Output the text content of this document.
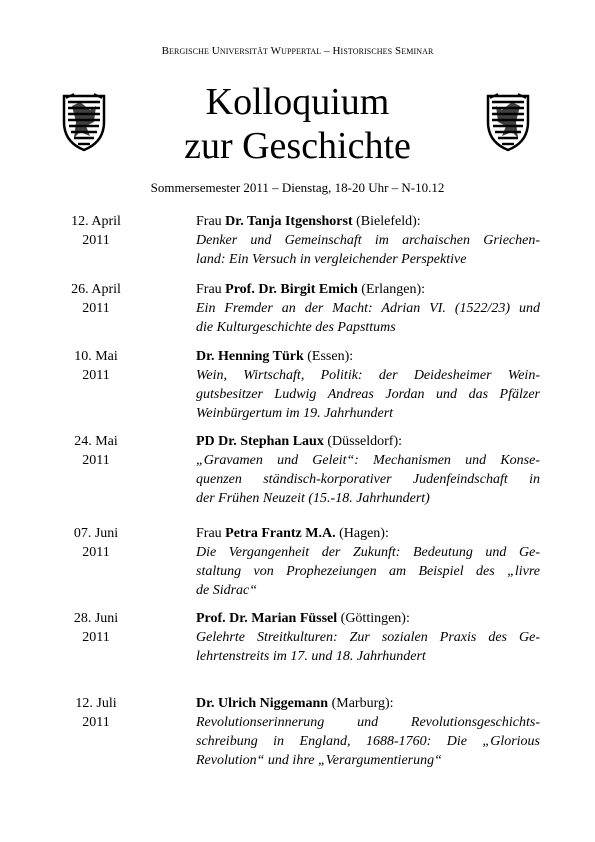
Bergische Universität Wuppertal – Historisches Seminar
Kolloquium
zur Geschichte
Sommersemester 2011 – Dienstag, 18-20 Uhr – N-10.12
12. April
2011
Frau Dr. Tanja Itgenshorst (Bielefeld):
Denker und Gemeinschaft im archaischen Griechen-
land: Ein Versuch in vergleichender Perspektive
26. April
2011
Frau Prof. Dr. Birgit Emich (Erlangen):
Ein Fremder an der Macht: Adrian VI. (1522/23) und
die Kulturgeschichte des Papsttums
10. Mai
2011
Dr. Henning Türk (Essen):
Wein, Wirtschaft, Politik: der Deidesheimer Wein-
gutsbesitzer Ludwig Andreas Jordan und das Pfälzer
Weinbürgertum im 19. Jahrhundert
24. Mai
2011
PD Dr. Stephan Laux (Düsseldorf):
„Gravamen und Geleit“: Mechanismen und Konse-
quenzen ständisch-korporativer Judenfeindschaft in
der Frühen Neuzeit (15.-18. Jahrhundert)
07. Juni
2011
Frau Petra Frantz M.A. (Hagen):
Die Vergangenheit der Zukunft: Bedeutung und Ge-
staltung von Prophezeiungen am Beispiel des „livre
de Sidrac“
28. Juni
2011
Prof. Dr. Marian Füssel (Göttingen):
Gelehrte Streitkulturen: Zur sozialen Praxis des Ge-
lehrtenstreits im 17. und 18. Jahrhundert
12. Juli
2011
Dr. Ulrich Niggemann (Marburg):
Revolutionserinnerung und Revolutionsgeschichts-
schreibung in England, 1688-1760: Die „Glorious
Revolution“ und ihre „Verargumentierung“
